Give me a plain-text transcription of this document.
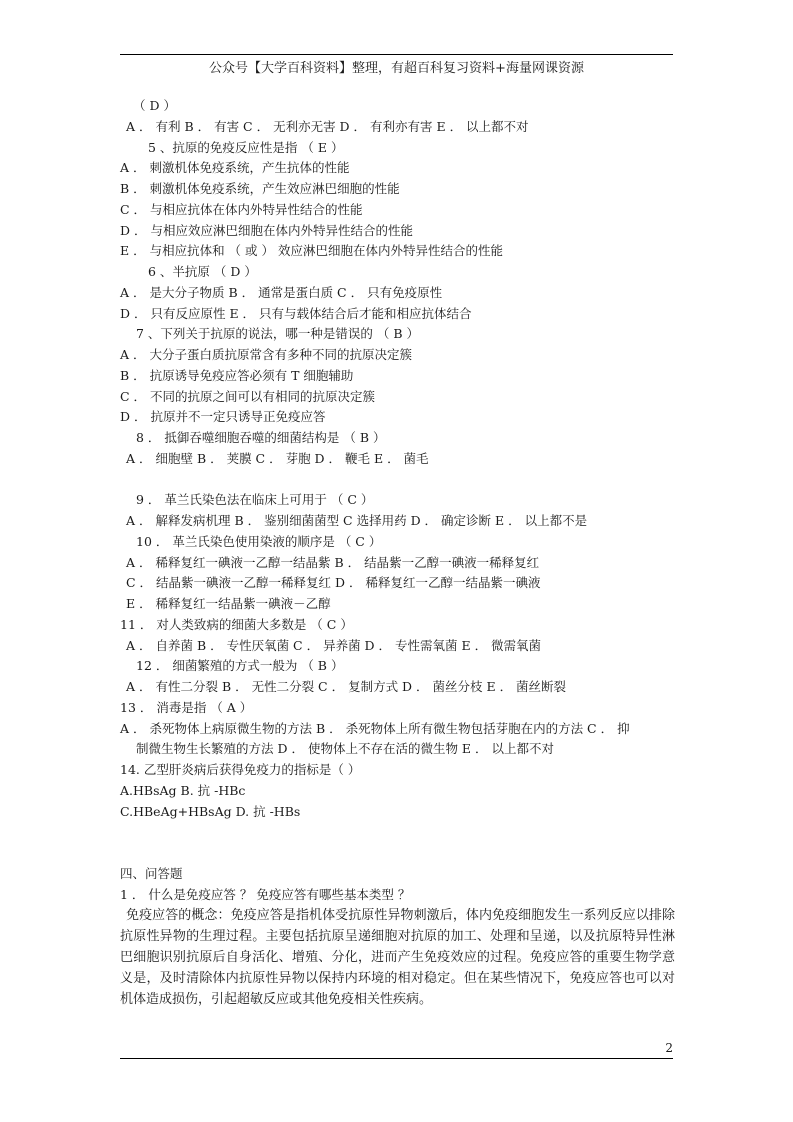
公众号【大学百科资料】整理，有超百科复习资料+海量网课资源
（ D ）
A ． 有利 B ． 有害 C ． 无利亦无害 D ． 有利亦有害 E ． 以上都不对
5 、抗原的免疫反应性是指 （ E ）
A ． 刺激机体免疫系统，产生抗体的性能
B ． 刺激机体免疫系统，产生效应淋巴细胞的性能
C ． 与相应抗体在体内外特异性结合的性能
D ． 与相应效应淋巴细胞在体内外特异性结合的性能
E ． 与相应抗体和 （ 或 ） 效应淋巴细胞在体内外特异性结合的性能
6 、半抗原 （ D ）
A ． 是大分子物质 B ． 通常是蛋白质 C ． 只有免疫原性
D ． 只有反应原性 E ． 只有与载体结合后才能和相应抗体结合
7 、下列关于抗原的说法，哪一种是错误的 （ B ）
A ． 大分子蛋白质抗原常含有多种不同的抗原决定簇
B ． 抗原诱导免疫应答必须有 T 细胞辅助
C ． 不同的抗原之间可以有相同的抗原决定簇
D ． 抗原并不一定只诱导正免疫应答
8 ． 抵御吞噬细胞吞噬的细菌结构是 （ B ）
A ． 细胞壁 B ． 荚膜 C ． 芽胞 D ． 鞭毛 E ． 菌毛
9 ． 革兰氏染色法在临床上可用于 （ C ）
A ． 解释发病机理 B ． 鉴别细菌菌型 C 选择用药 D ． 确定诊断 E ． 以上都不是
10 ． 革兰氏染色使用染液的顺序是 （ C ）
A ． 稀释复红一碘液一乙醇一结晶紫 B ． 结晶紫一乙醇一碘液一稀释复红
C ． 结晶紫一碘液一乙醇一稀释复红 D ． 稀释复红一乙醇一结晶紫一碘液
E ． 稀释复红一结晶紫一碘液－乙醇
11 ． 对人类致病的细菌大多数是 （ C ）
A ． 自养菌 B ． 专性厌氧菌 C ． 异养菌 D ． 专性需氧菌 E ． 微需氧菌
12 ． 细菌繁殖的方式一般为 （ B ）
A ． 有性二分裂 B ． 无性二分裂 C ． 复制方式 D ． 菌丝分枝 E ． 菌丝断裂
13 ． 消毒是指 （ A ）
A ． 杀死物体上病原微生物的方法 B ． 杀死物体上所有微生物包括芽胞在内的方法 C ． 抑
制微生物生长繁殖的方法 D ． 使物体上不存在活的微生物 E ． 以上都不对
14. 乙型肝炎病后获得免疫力的指标是（ ）
A.HBsAg B. 抗 -HBc
C.HBeAg+HBsAg D. 抗 -HBs
四、问答题
1 ． 什么是免疫应答 ？ 免疫应答有哪些基本类型 ？

免疫应答的概念：免疫应答是指机体受抗原性异物刺激后，体内免疫细胞发生一系列反应以排除抗原性异物的生理过程。主要包括抗原呈递细胞对抗原的加工、处理和呈递，以及抗原特异性淋巴细胞识别抗原后自身活化、增殖、分化，进而产生免疫效应的过程。免疫应答的重要生物学意义是，及时清除体内抗原性异物以保持内环境的相对稳定。但在某些情况下，免疫应答也可以对机体造成损伤，引起超敏反应或其他免疫相关性疾病。

2
